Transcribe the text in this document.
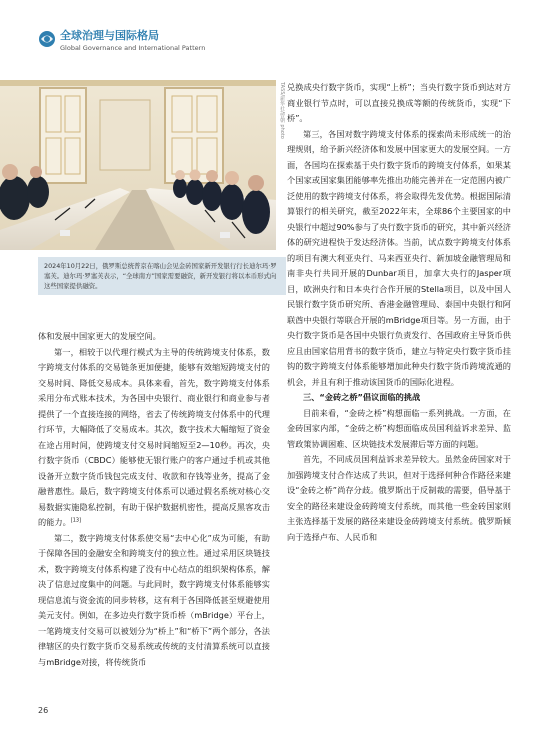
全球治理与国际格局
Global Governance and International Pattern
TASS/新华社/曾朝 photo
2024年10月22日，俄罗斯总统普京在喀山会见金砖国家新开发银行行长迪尔玛·罗塞芙。迪尔玛·罗塞芙表示，“全球南方”国家需要融资，新开发银行将以本币形式向这些国家提供融资。

体和发展中国家更大的发展空间。

第一，相较于以代理行模式为主导的传统跨境支付体系，数字跨境支付体系的交易链条更加便捷，能够有效缩短跨境支付的交易时间、降低交易成本。具体来看，首先，数字跨境支付体系采用分布式账本技术，为各国中央银行、商业银行和商业参与者提供了一个直接连接的网络，省去了传统跨境支付体系中的代理行环节，大幅降低了交易成本。其次，数字技术大幅缩短了资金在途占用时间，使跨境支付交易时间缩短至2—10秒。再次，央行数字货币（CBDC）能够使无银行账户的客户通过手机或其他设备开立数字货币钱包完成支付、收款和存钱等业务，提高了金融普惠性。最后，数字跨境支付体系可以通过假名系统对核心交易数据实施隐私控制，有助于保护数据机密性，提高反黑客攻击的能力。[13]

第二，数字跨境支付体系使交易“去中心化”成为可能，有助于保障各国的金融安全和跨境支付的独立性。通过采用区块链技术，数字跨境支付体系构建了没有中心结点的组织架构体系，解决了信息过度集中的问题。与此同时，数字跨境支付体系能够实现信息流与资金流的同步转移，这有利于各国降低甚至规避使用美元支付。例如，在多边央行数字货币桥（mBridge）平台上，一笔跨境支付交易可以被划分为“桥上”和“桥下”两个部分，各法律辖区的央行数字货币交易系统或传统的支付清算系统可以直接与mBridge对接，将传统货币

兑换成央行数字货币，实现“上桥”；当央行数字货币到达对方商业银行节点时，可以直接兑换成等额的传统货币，实现“下桥”。

第三，各国对数字跨境支付体系的探索尚未形成统一的治理规则，给予新兴经济体和发展中国家更大的发展空间。一方面，各国均在探索基于央行数字货币的跨境支付体系，如果某个国家或国家集团能够率先推出功能完善并在一定范围内被广泛使用的数字跨境支付体系，将会取得先发优势。根据国际清算银行的相关研究，截至2022年末，全球86个主要国家的中央银行中超过90%参与了央行数字货币的研究，其中新兴经济体的研究进程快于发达经济体。当前，试点数字跨境支付体系的项目有澳大利亚央行、马来西亚央行、新加坡金融管理局和南非央行共同开展的Dunbar项目，加拿大央行的Jasper项目，欧洲央行和日本央行合作开展的Stella项目，以及中国人民银行数字货币研究所、香港金融管理局、泰国中央银行和阿联酋中央银行等联合开展的mBridge项目等。另一方面，由于央行数字货币是各国中央银行负责发行、各国政府主导货币供应且由国家信用背书的数字货币，建立与特定央行数字货币挂钩的数字跨境支付体系能够增加此种央行数字货币跨境流通的机会，并且有利于推动该国货币的国际化进程。

三、“金砖之桥”倡议面临的挑战

目前来看，“金砖之桥”构想面临一系列挑战。一方面，在金砖国家内部，“金砖之桥”构想面临成员国利益诉求差异、监管政策协调困难、区块链技术发展滞后等方面的问题。

首先，不同成员国利益诉求差异较大。虽然金砖国家对于加强跨境支付合作达成了共识，但对于选择何种合作路径来建设“金砖之桥”尚存分歧。俄罗斯出于反制裁的需要，倡导基于安全的路径来建设金砖跨境支付系统，而其他一些金砖国家则主张选择基于发展的路径来建设金砖跨境支付系统。俄罗斯倾向于选择卢布、人民币和

26
